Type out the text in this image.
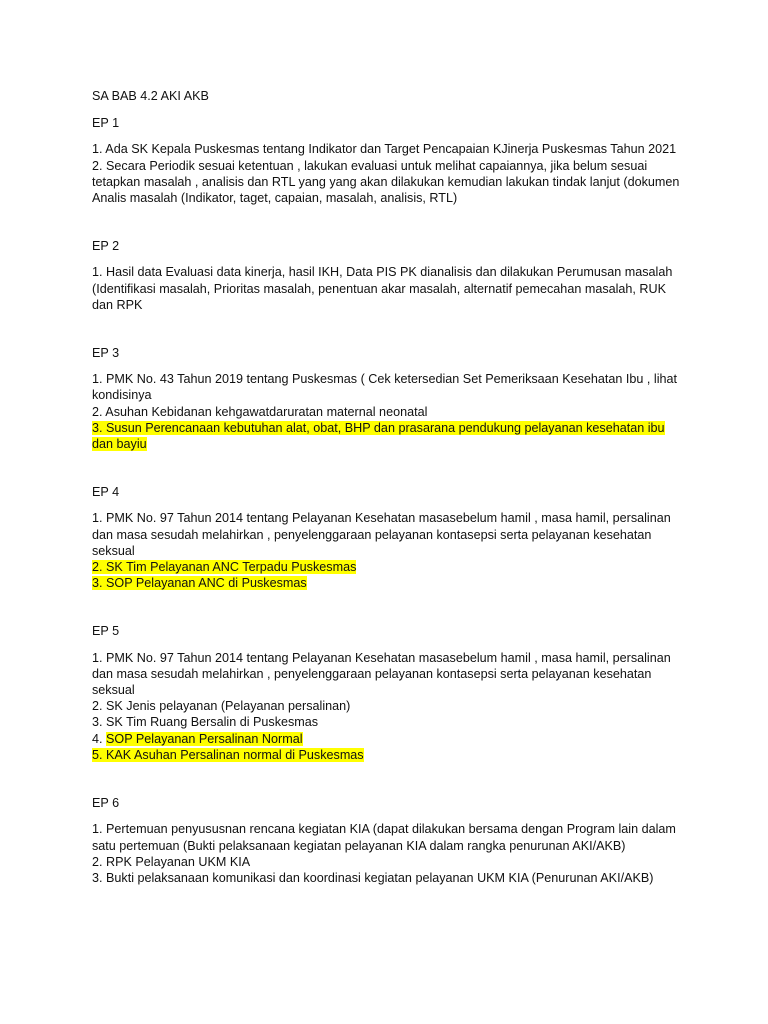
SA BAB 4.2 AKI AKB

EP 1

1. Ada SK Kepala Puskesmas tentang Indikator dan Target Pencapaian KJinerja Puskesmas Tahun 2021

2. Secara Periodik sesuai ketentuan , lakukan evaluasi untuk melihat capaiannya, jika belum sesuai tetapkan masalah , analisis dan RTL yang yang akan dilakukan kemudian lakukan tindak lanjut (dokumen Analis masalah (Indikator, taget, capaian, masalah, analisis, RTL)

EP 2

1. Hasil data Evaluasi data kinerja, hasil IKH, Data PIS PK dianalisis dan dilakukan Perumusan masalah (Identifikasi masalah, Prioritas masalah, penentuan akar masalah, alternatif pemecahan masalah, RUK dan RPK

EP 3

1. PMK No. 43 Tahun 2019 tentang Puskesmas ( Cek ketersedian Set Pemeriksaan Kesehatan Ibu , lihat kondisinya

2. Asuhan Kebidanan kehgawatdaruratan maternal neonatal

3. Susun Perencanaan kebutuhan alat, obat, BHP dan prasarana pendukung pelayanan kesehatan ibu dan bayiu

EP 4

1. PMK No. 97 Tahun 2014 tentang Pelayanan Kesehatan masasebelum hamil , masa hamil, persalinan dan masa sesudah melahirkan , penyelenggaraan pelayanan kontasepsi serta pelayanan kesehatan seksual

2. SK Tim Pelayanan ANC Terpadu Puskesmas

3. SOP Pelayanan ANC di Puskesmas

EP 5

1. PMK No. 97 Tahun 2014 tentang Pelayanan Kesehatan masasebelum hamil , masa hamil, persalinan dan masa sesudah melahirkan , penyelenggaraan pelayanan kontasepsi serta pelayanan kesehatan seksual

2. SK Jenis pelayanan (Pelayanan persalinan)

3. SK Tim Ruang Bersalin di Puskesmas

4. SOP Pelayanan Persalinan Normal

5. KAK Asuhan Persalinan normal di Puskesmas

EP 6

1. Pertemuan penyususnan rencana kegiatan KIA (dapat dilakukan bersama dengan Program lain dalam satu pertemuan (Bukti pelaksanaan kegiatan pelayanan KIA dalam rangka penurunan AKI/AKB)

2. RPK Pelayanan UKM KIA

3. Bukti pelaksanaan komunikasi dan koordinasi kegiatan pelayanan UKM KIA (Penurunan AKI/AKB)
